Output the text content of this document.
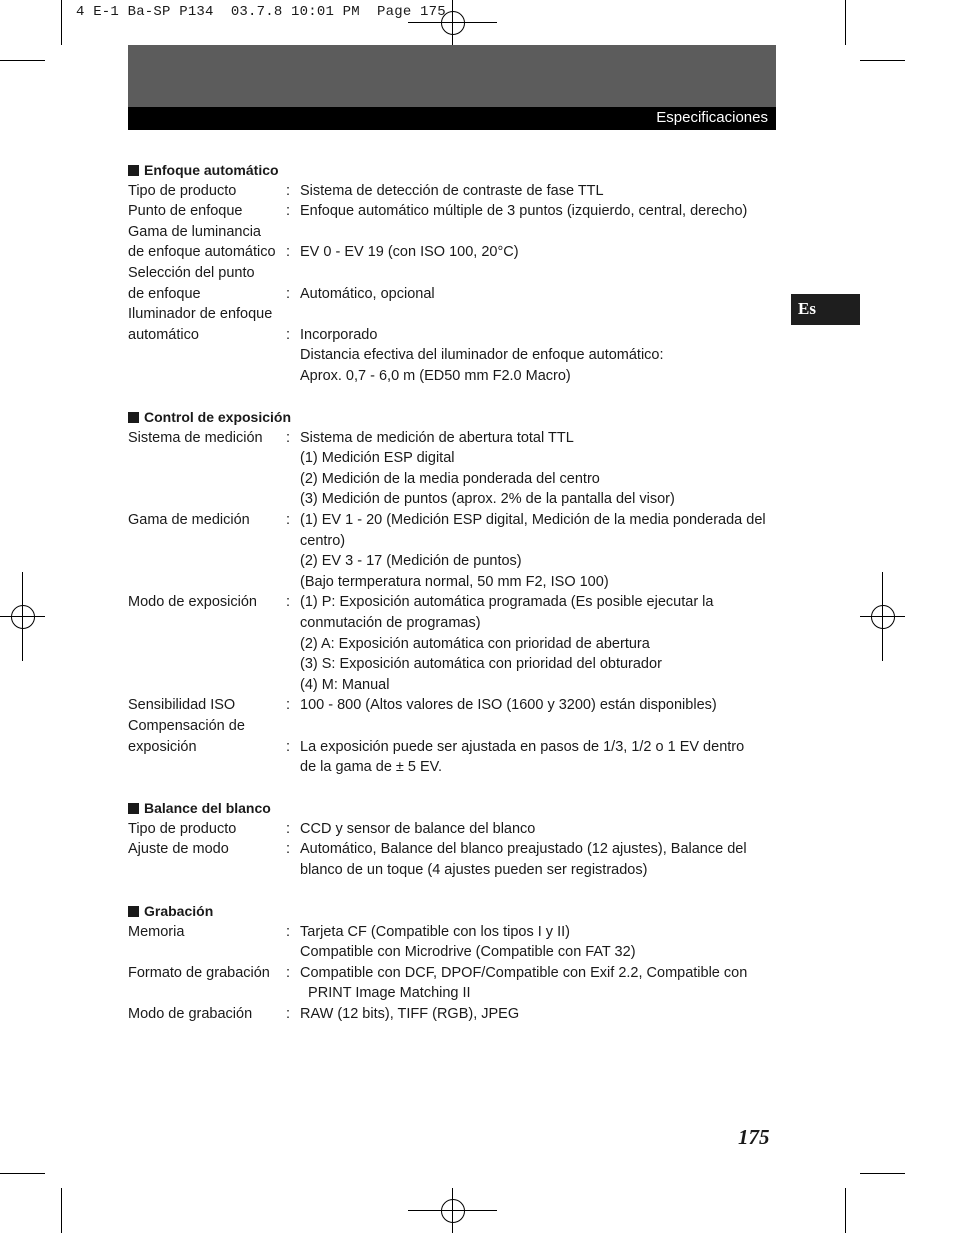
4 E-1 Ba-SP P134  03.7.8 10:01 PM  Page 175
Especificaciones
Es
Enfoque automático
Tipo de producto	: Sistema de detección de contraste de fase TTL
Punto de enfoque	: Enfoque automático múltiple de 3 puntos (izquierdo, central, derecho)
Gama de luminancia
de enfoque automático : EV 0 - EV 19 (con ISO 100, 20°C)
Selección del punto
de enfoque	: Automático, opcional
Iluminador de enfoque
automático	: Incorporado
Distancia efectiva del iluminador de enfoque automático:
Aprox. 0,7 - 6,0 m (ED50 mm F2.0 Macro)
Control de exposición
Sistema de medición	: Sistema de medición de abertura total TTL
(1) Medición ESP digital
(2) Medición de la media ponderada del centro
(3) Medición de puntos (aprox. 2% de la pantalla del visor)
Gama de medición	: (1) EV 1 - 20 (Medición ESP digital, Medición de la media ponderada del
centro)
(2) EV 3 - 17 (Medición de puntos)
(Bajo termperatura normal, 50 mm F2, ISO 100)
Modo de exposición	: (1) P: Exposición automática programada (Es posible ejecutar la
conmutación de programas)
(2) A: Exposición automática con prioridad de abertura
(3) S: Exposición automática con prioridad del obturador
(4) M: Manual
Sensibilidad ISO	: 100 - 800 (Altos valores de ISO (1600 y 3200) están disponibles)
Compensación de
exposición	: La exposición puede ser ajustada en pasos de 1/3, 1/2 o 1 EV dentro
de la gama de ± 5 EV.
Balance del blanco
Tipo de producto	: CCD y sensor de balance del blanco
Ajuste de modo	: Automático, Balance del blanco preajustado (12 ajustes), Balance del
blanco de un toque (4 ajustes pueden ser registrados)
Grabación
Memoria	: Tarjeta CF (Compatible con los tipos I y II)
Compatible con Microdrive (Compatible con FAT 32)
Formato de grabación	: Compatible con DCF, DPOF/Compatible con Exif 2.2, Compatible con
PRINT Image Matching II
Modo de grabación	: RAW (12 bits), TIFF (RGB), JPEG
175
